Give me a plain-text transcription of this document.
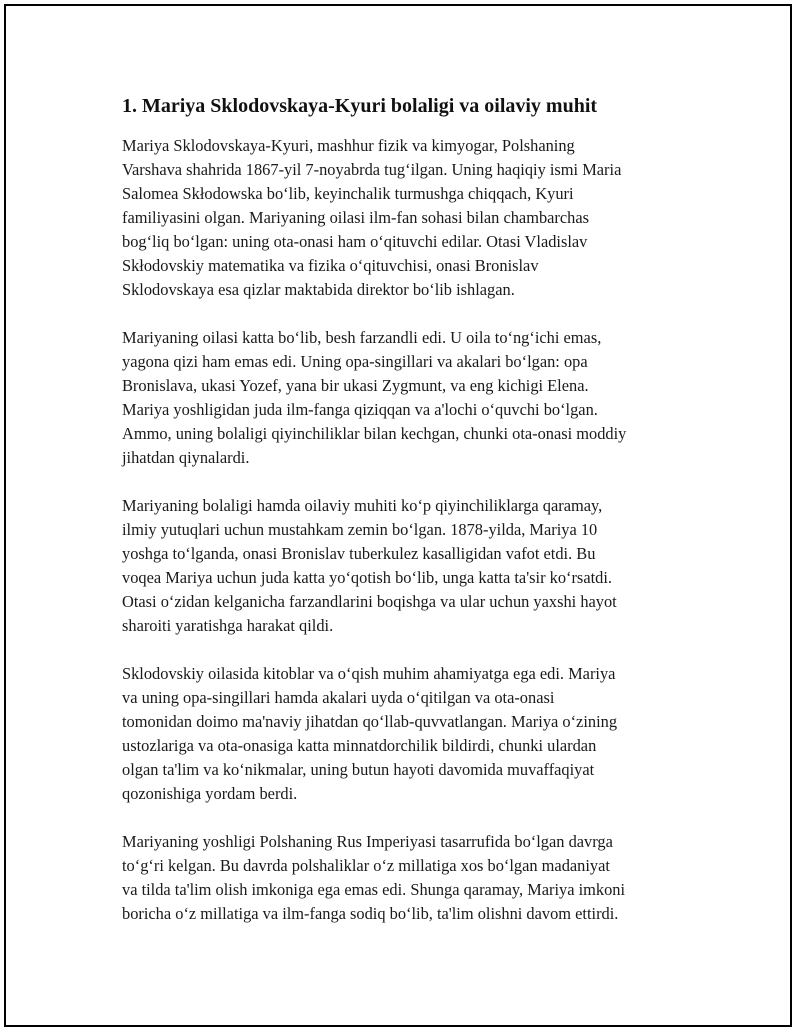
1. Mariya Sklodovskaya-Kyuri bolaligi va oilaviy muhit

Mariya Sklodovskaya-Kyuri, mashhur fizik va kimyogar, Polshaning
Varshava shahrida 1867-yil 7-noyabrda tug‘ilgan. Uning haqiqiy ismi Maria
Salomea Skłodowska bo‘lib, keyinchalik turmushga chiqqach, Kyuri
familiyasini olgan. Mariyaning oilasi ilm-fan sohasi bilan chambarchas
bog‘liq bo‘lgan: uning ota-onasi ham o‘qituvchi edilar. Otasi Vladislav
Skłodovskiy matematika va fizika o‘qituvchisi, onasi Bronislav
Sklodovskaya esa qizlar maktabida direktor bo‘lib ishlagan.

Mariyaning oilasi katta bo‘lib, besh farzandli edi. U oila to‘ng‘ichi emas,
yagona qizi ham emas edi. Uning opa-singillari va akalari bo‘lgan: opa
Bronislava, ukasi Yozef, yana bir ukasi Zygmunt, va eng kichigi Elena.
Mariya yoshligidan juda ilm-fanga qiziqqan va a'lochi o‘quvchi bo‘lgan.
Ammo, uning bolaligi qiyinchiliklar bilan kechgan, chunki ota-onasi moddiy
jihatdan qiynalardi.

Mariyaning bolaligi hamda oilaviy muhiti ko‘p qiyinchiliklarga qaramay,
ilmiy yutuqlari uchun mustahkam zemin bo‘lgan. 1878-yilda, Mariya 10
yoshga to‘lganda, onasi Bronislav tuberkulez kasalligidan vafot etdi. Bu
voqea Mariya uchun juda katta yo‘qotish bo‘lib, unga katta ta'sir ko‘rsatdi.
Otasi o‘zidan kelganicha farzandlarini boqishga va ular uchun yaxshi hayot
sharoiti yaratishga harakat qildi.

Sklodovskiy oilasida kitoblar va o‘qish muhim ahamiyatga ega edi. Mariya
va uning opa-singillari hamda akalari uyda o‘qitilgan va ota-onasi
tomonidan doimo ma'naviy jihatdan qo‘llab-quvvatlangan. Mariya o‘zining
ustozlariga va ota-onasiga katta minnatdorchilik bildirdi, chunki ulardan
olgan ta'lim va ko‘nikmalar, uning butun hayoti davomida muvaffaqiyat
qozonishiga yordam berdi.

Mariyaning yoshligi Polshaning Rus Imperiyasi tasarrufida bo‘lgan davrga
to‘g‘ri kelgan. Bu davrda polshaliklar o‘z millatiga xos bo‘lgan madaniyat
va tilda ta'lim olish imkoniga ega emas edi. Shunga qaramay, Mariya imkoni
boricha o‘z millatiga va ilm-fanga sodiq bo‘lib, ta'lim olishni davom ettirdi.
